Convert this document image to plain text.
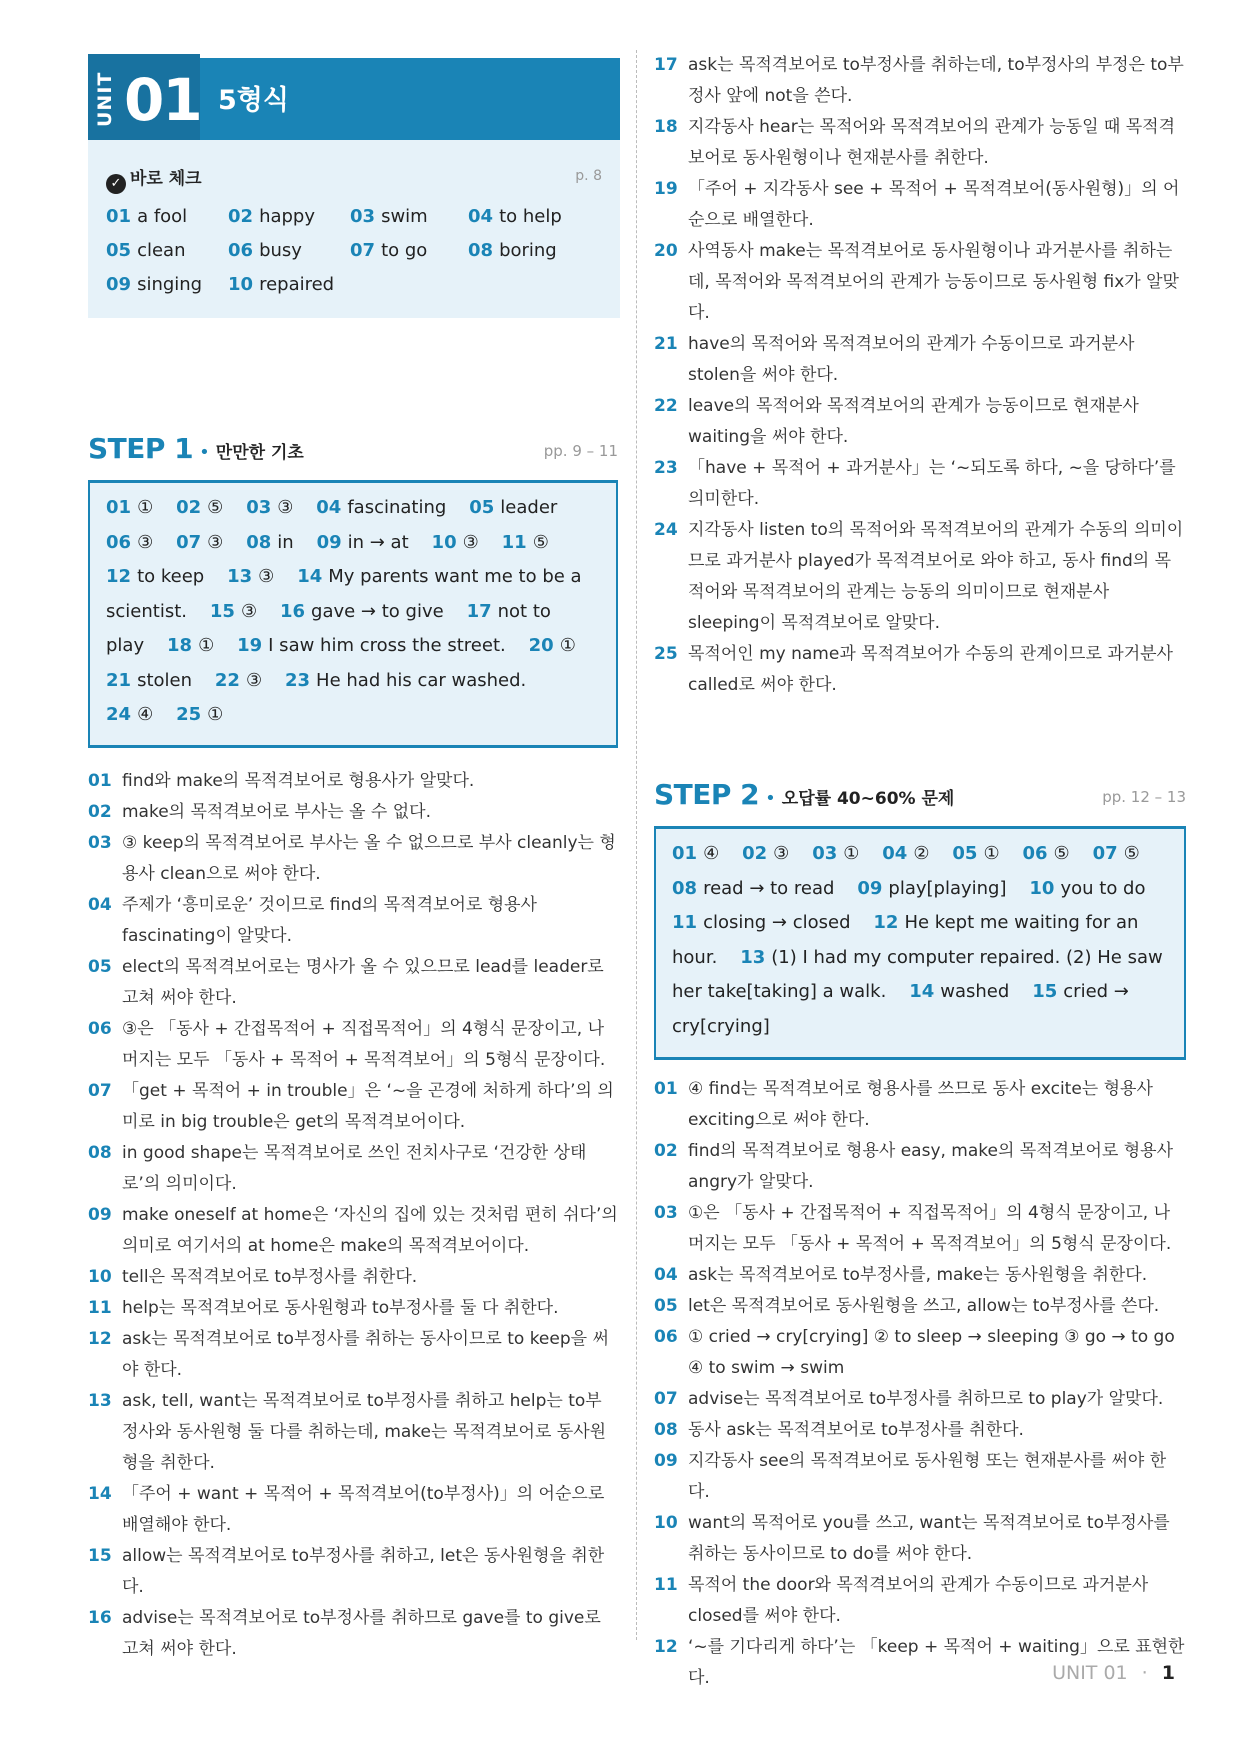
UNIT 01 5형식
✓ 바로 체크	p. 8
01 a fool 02 happy 03 swim 04 to help
05 clean 06 busy	07 to go 08 boring
09 singing 10 repaired
STEP 1 • 만만한 기초	pp. 9 – 11
01 ① 02 ⑤ 03 ③ 04 fascinating 05 leader    06 ③ 07 ③ 08 in 09 in → at 10 ③ 11 ⑤    12 to keep 13 ③ 14 My parents want me to be a scientist. 15 ③ 16 gave → to give 17 not to play 18 ① 19 I saw him cross the street. 20 ①    21 stolen 22 ③ 23 He had his car washed.    24 ④ 25 ①
01 find와 make의 목적격보어로 형용사가 알맞다.
02 make의 목적격보어로 부사는 올 수 없다.
03 ③ keep의 목적격보어로 부사는 올 수 없으므로 부사 cleanly는 형용사 clean으로 써야 한다.
04 주제가 ‘흥미로운’ 것이므로 find의 목적격보어로 형용사 fascinating이 알맞다.
05 elect의 목적격보어로는 명사가 올 수 있으므로 lead를 leader로 고쳐 써야 한다.
06 ③은 「동사 + 간접목적어 + 직접목적어」의 4형식 문장이고, 나머지는 모두 「동사 + 목적어 + 목적격보어」의 5형식 문장이다.
07 「get + 목적어 + in trouble」은 ‘~을 곤경에 처하게 하다’의 의미로 in big trouble은 get의 목적격보어이다.
08 in good shape는 목적격보어로 쓰인 전치사구로 ‘건강한 상태로’의 의미이다.
09 make oneself at home은 ‘자신의 집에 있는 것처럼 편히 쉬다’의 의미로 여기서의 at home은 make의 목적격보어이다.
10 tell은 목적격보어로 to부정사를 취한다.
11 help는 목적격보어로 동사원형과 to부정사를 둘 다 취한다.
12 ask는 목적격보어로 to부정사를 취하는 동사이므로 to keep을 써야 한다.
13 ask, tell, want는 목적격보어로 to부정사를 취하고 help는 to부정사와 동사원형 둘 다를 취하는데, make는 목적격보어로 동사원형을 취한다.
14 「주어 + want + 목적어 + 목적격보어(to부정사)」의 어순으로 배열해야 한다.
15 allow는 목적격보어로 to부정사를 취하고, let은 동사원형을 취한다.
16 advise는 목적격보어로 to부정사를 취하므로 gave를 to give로 고쳐 써야 한다.
17 ask는 목적격보어로 to부정사를 취하는데, to부정사의 부정은 to부정사 앞에 not을 쓴다.
18 지각동사 hear는 목적어와 목적격보어의 관계가 능동일 때 목적격보어로 동사원형이나 현재분사를 취한다.
19 「주어 + 지각동사 see + 목적어 + 목적격보어(동사원형)」의 어순으로 배열한다.
20 사역동사 make는 목적격보어로 동사원형이나 과거분사를 취하는데, 목적어와 목적격보어의 관계가 능동이므로 동사원형 fix가 알맞다.
21 have의 목적어와 목적격보어의 관계가 수동이므로 과거분사 stolen을 써야 한다.
22 leave의 목적어와 목적격보어의 관계가 능동이므로 현재분사 waiting을 써야 한다.
23 「have + 목적어 + 과거분사」는 ‘~되도록 하다, ~을 당하다’를 의미한다.
24 지각동사 listen to의 목적어와 목적격보어의 관계가 수동의 의미이므로 과거분사 played가 목적격보어로 와야 하고, 동사 find의 목적어와 목적격보어의 관계는 능동의 의미이므로 현재분사 sleeping이 목적격보어로 알맞다.
25 목적어인 my name과 목적격보어가 수동의 관계이므로 과거분사 called로 써야 한다.
STEP 2 • 오답률 40~60% 문제	pp. 12 – 13
01 ④ 02 ③ 03 ① 04 ② 05 ① 06 ⑤ 07 ⑤    08 read → to read 09 play[playing] 10 you to do    11 closing → closed 12 He kept me waiting for an hour. 13 (1) I had my computer repaired. (2) He saw her take[taking] a walk. 14 washed 15 cried → cry[crying]
01 ④ find는 목적격보어로 형용사를 쓰므로 동사 excite는 형용사 exciting으로 써야 한다.
02 find의 목적격보어로 형용사 easy, make의 목적격보어로 형용사 angry가 알맞다.
03 ①은 「동사 + 간접목적어 + 직접목적어」의 4형식 문장이고, 나머지는 모두 「동사 + 목적어 + 목적격보어」의 5형식 문장이다.
04 ask는 목적격보어로 to부정사를, make는 동사원형을 취한다.
05 let은 목적격보어로 동사원형을 쓰고, allow는 to부정사를 쓴다.
06 ① cried → cry[crying] ② to sleep → sleeping ③ go → to go ④ to swim → swim
07 advise는 목적격보어로 to부정사를 취하므로 to play가 알맞다.
08 동사 ask는 목적격보어로 to부정사를 취한다.
09 지각동사 see의 목적격보어로 동사원형 또는 현재분사를 써야 한다.
10 want의 목적어로 you를 쓰고, want는 목적격보어로 to부정사를 취하는 동사이므로 to do를 써야 한다.
11 목적어 the door와 목적격보어의 관계가 수동이므로 과거분사 closed를 써야 한다.
12 ‘~를 기다리게 하다’는 「keep + 목적어 + waiting」으로 표현한다.	UNIT 01 · 1
